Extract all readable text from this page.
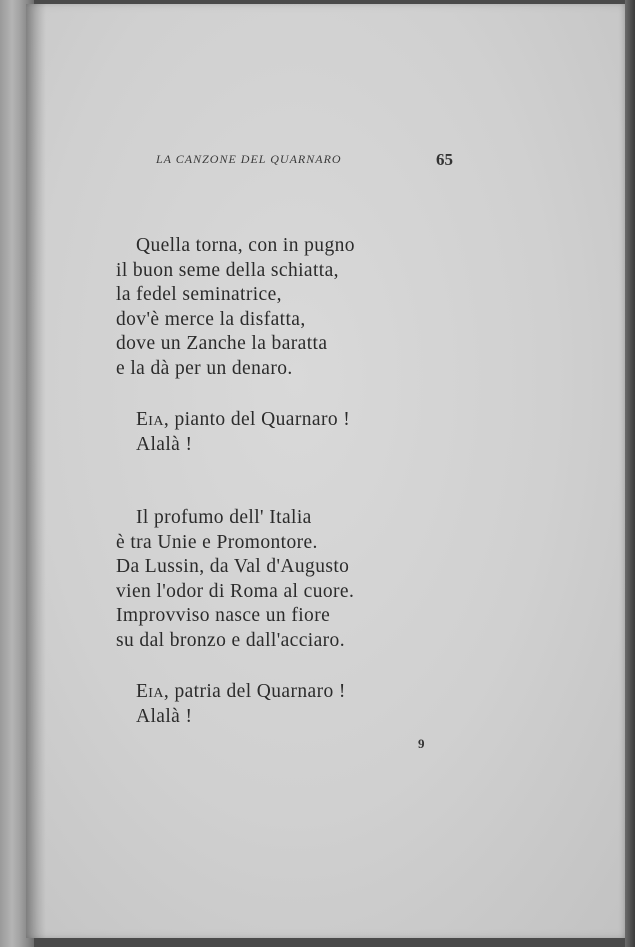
LA CANZONE DEL QUARNARO	65
Quella torna, con in pugno
il buon seme della schiatta,
la fedel seminatrice,
dov'è merce la disfatta,
dove un Zanche la baratta
e la dà per un denaro.
Eia, pianto del Quarnaro !
Alalà !
Il profumo dell' Italia
è tra Unie e Promontore.
Da Lussin, da Val d'Augusto
vien l'odor di Roma al cuore.
Improvviso nasce un fiore
su dal bronzo e dall'acciaro.
Eia, patria del Quarnaro !
Alalà !
9
